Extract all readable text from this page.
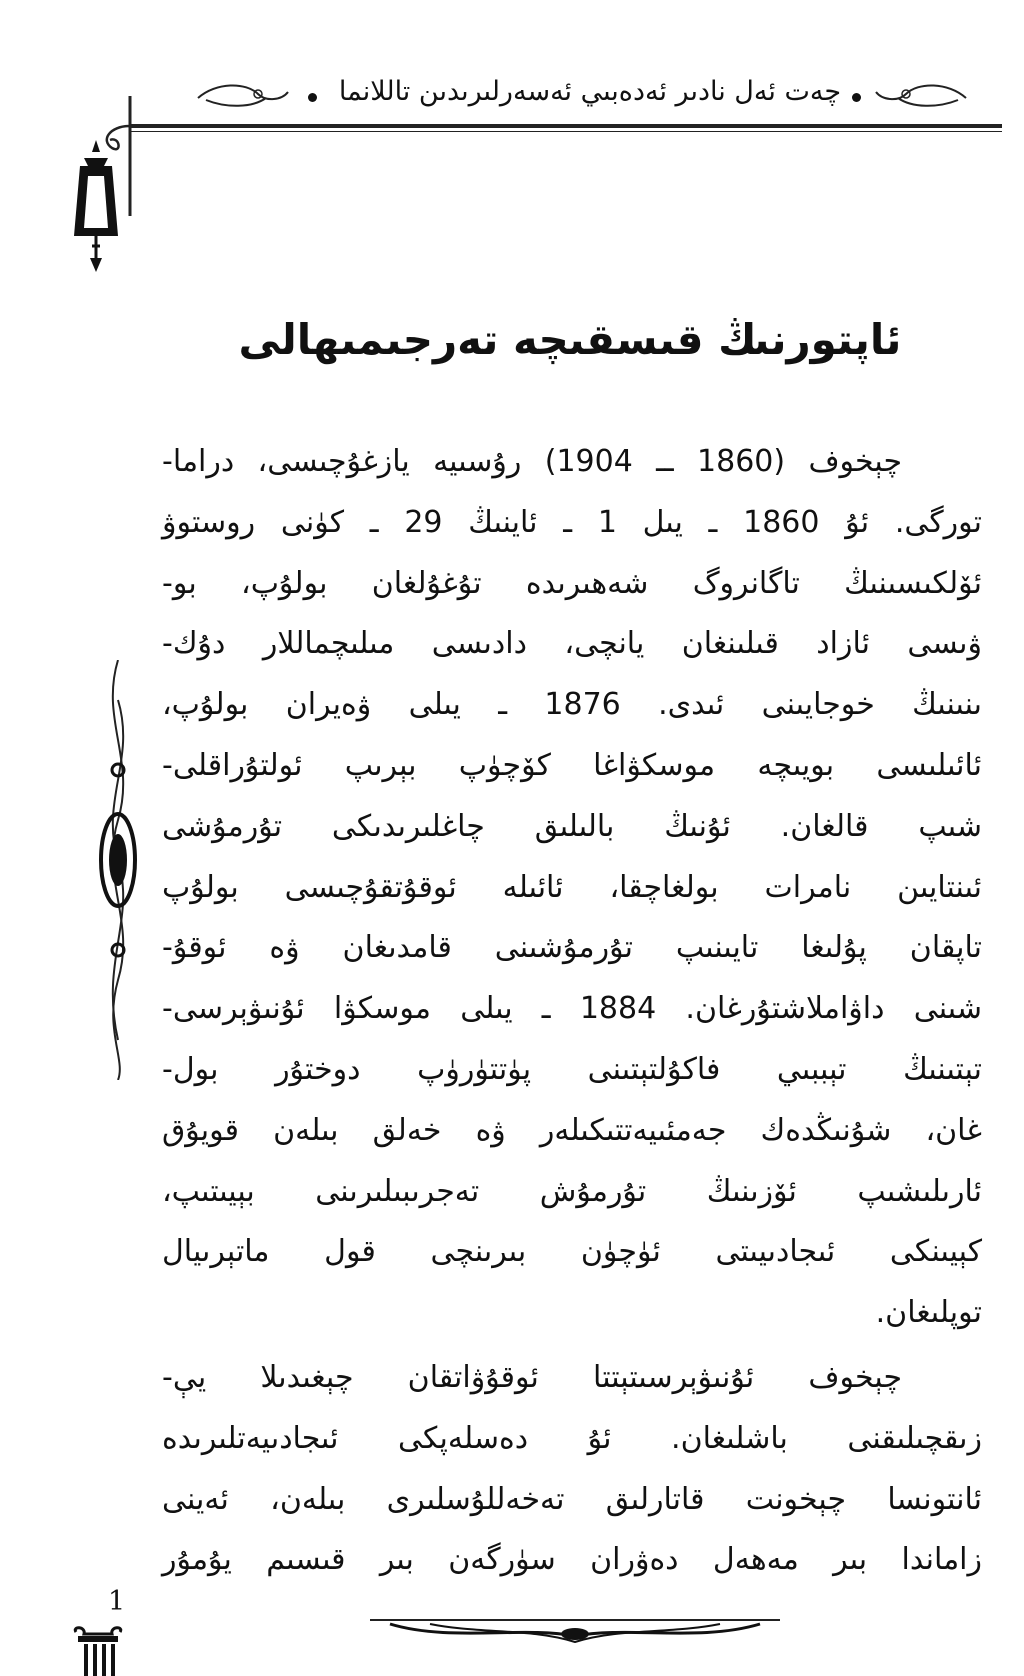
چەت ئەل نادىر ئەدەبىي ئەسەرلىرىدىن تاللانما
ئاپتورنىڭ قىسقىچە تەرجىمىھالى
چېخوف (1860 ــ 1904) رۇسىيە يازغۇچىسى، دراما-
تورگى. ئۇ 1860 ـ يىل 1 ـ ئاينىڭ 29 ـ كۈنى روستوۋ
ئۆلكىسىنىڭ تاگانروگ شەھىرىدە تۇغۇلغان بولۇپ، بو-
ۋىسى ئازاد قىلىنغان يانچى، دادىسى مىلىچماللار دۇك-
ىنىنىڭ خوجايىنى ئىدى. 1876 ـ يىلى ۋەيران بولۇپ،
ئائىلىسى بويىچە موسكۋاغا كۆچۈپ بېرىپ ئولتۇراقلى-
شىپ قالغان. ئۇنىڭ بالىلىق چاغلىرىدىكى تۇرمۇشى
ئىنتايىن نامرات بولغاچقا، ئائىلە ئوقۇتقۇچىسى بولۇپ
تاپقان پۇلىغا تايىنىپ تۇرمۇشىنى قامدىغان ۋە ئوقۇ-
شىنى داۋاملاشتۇرغان. 1884 ـ يىلى موسكۋا ئۇنىۋېرسى-
تېتىنىڭ تېببىي فاكۇلتېتىنى پۈتتۈرۈپ دوختۇر بول-
غان، شۇنىڭدەك جەمئىيەتتىكىلەر ۋە خەلق بىلەن قويۇق
ئارىلىشىپ ئۆزىنىڭ تۇرمۇش تەجرىبىلىرىنى بېيىتىپ،
كېيىنكى ئىجادىيىتى ئۈچۈن بىرىنچى قول ماتېرىيال
توپلىغان.
چېخوف ئۇنىۋېرسىتېتتا ئوقۇۋاتقان چېغىدىلا يې-
زىقچىلىقنى باشلىغان. ئۇ دەسلەپكى ئىجادىيەتلىرىدە
ئانتونسا چېخونت قاتارلىق تەخەللۇسلىرى بىلەن، ئەينى
زاماندا بىر مەھەل دەۋران سۈرگەن بىر قىسىم يۇمۇر
1
